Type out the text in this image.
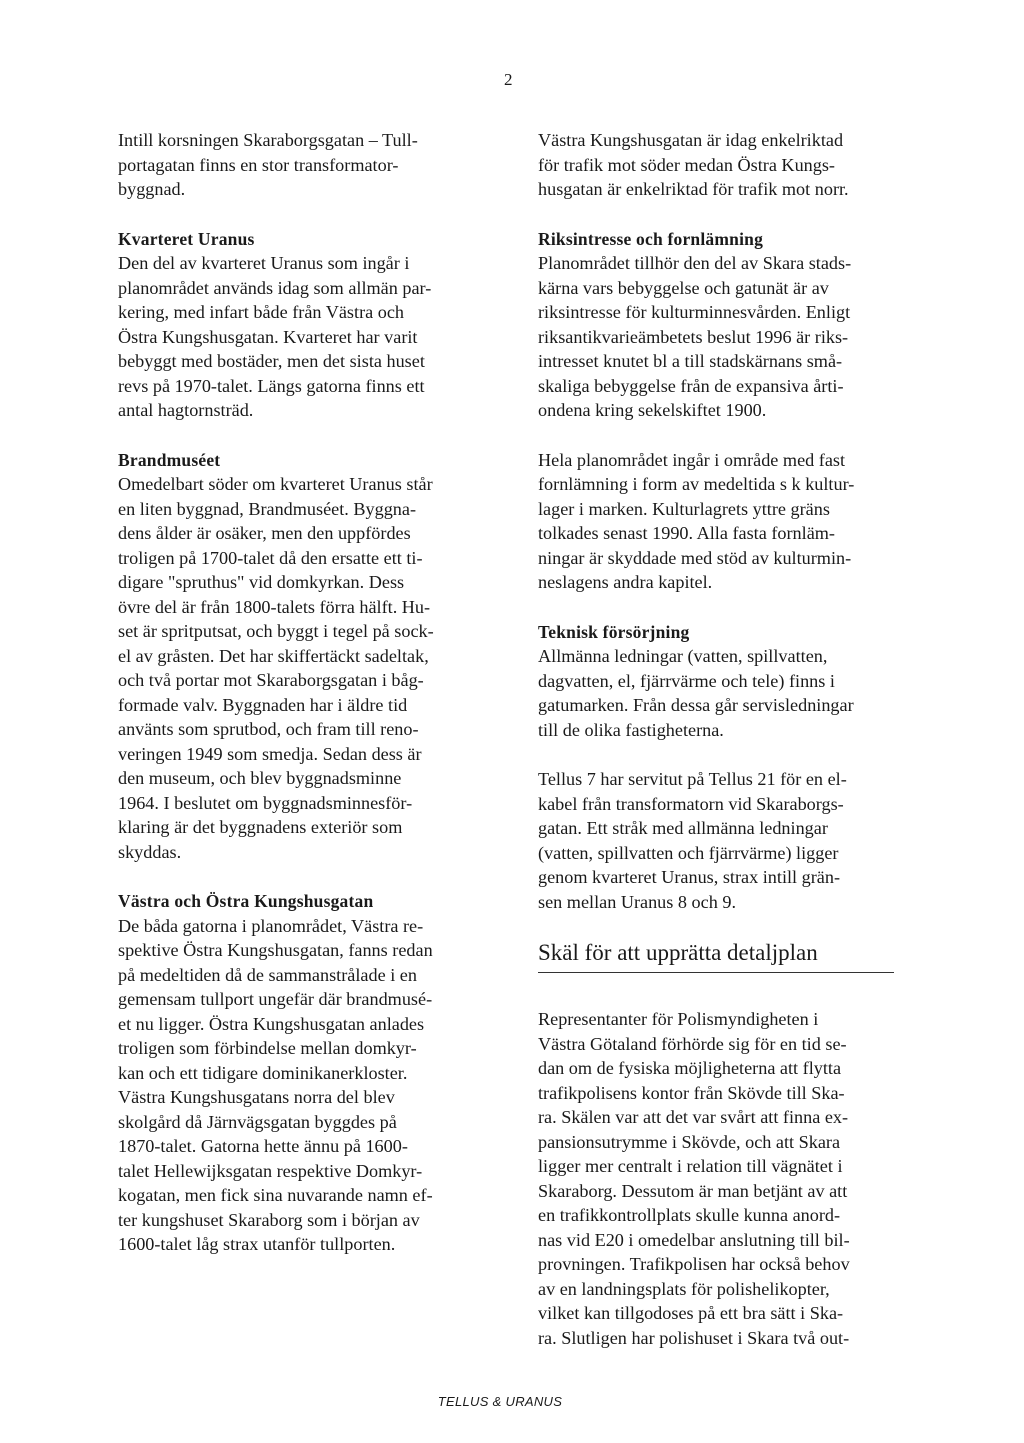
2

Intill korsningen Skaraborgsgatan – Tull-
portagatan finns en stor transformator-
byggnad.

Kvarteret Uranus

Den del av kvarteret Uranus som ingår i
planområdet används idag som allmän par-
kering, med infart både från Västra och
Östra Kungshusgatan. Kvarteret har varit
bebyggt med bostäder, men det sista huset
revs på 1970-talet. Längs gatorna finns ett
antal hagtornsträd.

Brandmuséet

Omedelbart söder om kvarteret Uranus står
en liten byggnad, Brandmuséet. Byggna-
dens ålder är osäker, men den uppfördes
troligen på 1700-talet då den ersatte ett ti-
digare "spruthus" vid domkyrkan. Dess
övre del är från 1800-talets förra hälft. Hu-
set är spritputsat, och byggt i tegel på sock-
el av gråsten. Det har skiffertäckt sadeltak,
och två portar mot Skaraborgsgatan i båg-
formade valv. Byggnaden har i äldre tid
använts som sprutbod, och fram till reno-
veringen 1949 som smedja. Sedan dess är
den museum, och blev byggnadsminne
1964. I beslutet om byggnadsminnesför-
klaring är det byggnadens exteriör som
skyddas.

Västra och Östra Kungshusgatan

De båda gatorna i planområdet, Västra re-
spektive Östra Kungshusgatan, fanns redan
på medeltiden då de sammanstrålade i en
gemensam tullport ungefär där brandmusé-
et nu ligger. Östra Kungshusgatan anlades
troligen som förbindelse mellan domkyr-
kan och ett tidigare dominikanerkloster.
Västra Kungshusgatans norra del blev
skolgård då Järnvägsgatan byggdes på
1870-talet. Gatorna hette ännu på 1600-
talet Hellewijksgatan respektive Domkyr-
kogatan, men fick sina nuvarande namn ef-
ter kungshuset Skaraborg som i början av
1600-talet låg strax utanför tullporten.

Västra Kungshusgatan är idag enkelriktad
för trafik mot söder medan Östra Kungs-
husgatan är enkelriktad för trafik mot norr.

Riksintresse och fornlämning

Planområdet tillhör den del av Skara stads-
kärna vars bebyggelse och gatunät är av
riksintresse för kulturminnesvården. Enligt
riksantikvarieämbetets beslut 1996 är riks-
intresset knutet bl a till stadskärnans små-
skaliga bebyggelse från de expansiva årti-
ondena kring sekelskiftet 1900.

Hela planområdet ingår i område med fast
fornlämning i form av medeltida s k kultur-
lager i marken. Kulturlagrets yttre gräns
tolkades senast 1990. Alla fasta fornläm-
ningar är skyddade med stöd av kulturmin-
neslagens andra kapitel.

Teknisk försörjning

Allmänna ledningar (vatten, spillvatten,
dagvatten, el, fjärrvärme och tele) finns i
gatumarken. Från dessa går servisledningar
till de olika fastigheterna.

Tellus 7 har servitut på Tellus 21 för en el-
kabel från transformatorn vid Skaraborgs-
gatan. Ett stråk med allmänna ledningar
(vatten, spillvatten och fjärrvärme) ligger
genom kvarteret Uranus, strax intill grän-
sen mellan Uranus 8 och 9.

Skäl för att upprätta detaljplan

Representanter för Polismyndigheten i
Västra Götaland förhörde sig för en tid se-
dan om de fysiska möjligheterna att flytta
trafikpolisens kontor från Skövde till Ska-
ra. Skälen var att det var svårt att finna ex-
pansionsutrymme i Skövde, och att Skara
ligger mer centralt i relation till vägnätet i
Skaraborg. Dessutom är man betjänt av att
en trafikkontrollplats skulle kunna anord-
nas vid E20 i omedelbar anslutning till bil-
provningen. Trafikpolisen har också behov
av en landningsplats för polishelikopter,
vilket kan tillgodoses på ett bra sätt i Ska-
ra. Slutligen har polishuset i Skara två out-

TELLUS & URANUS
